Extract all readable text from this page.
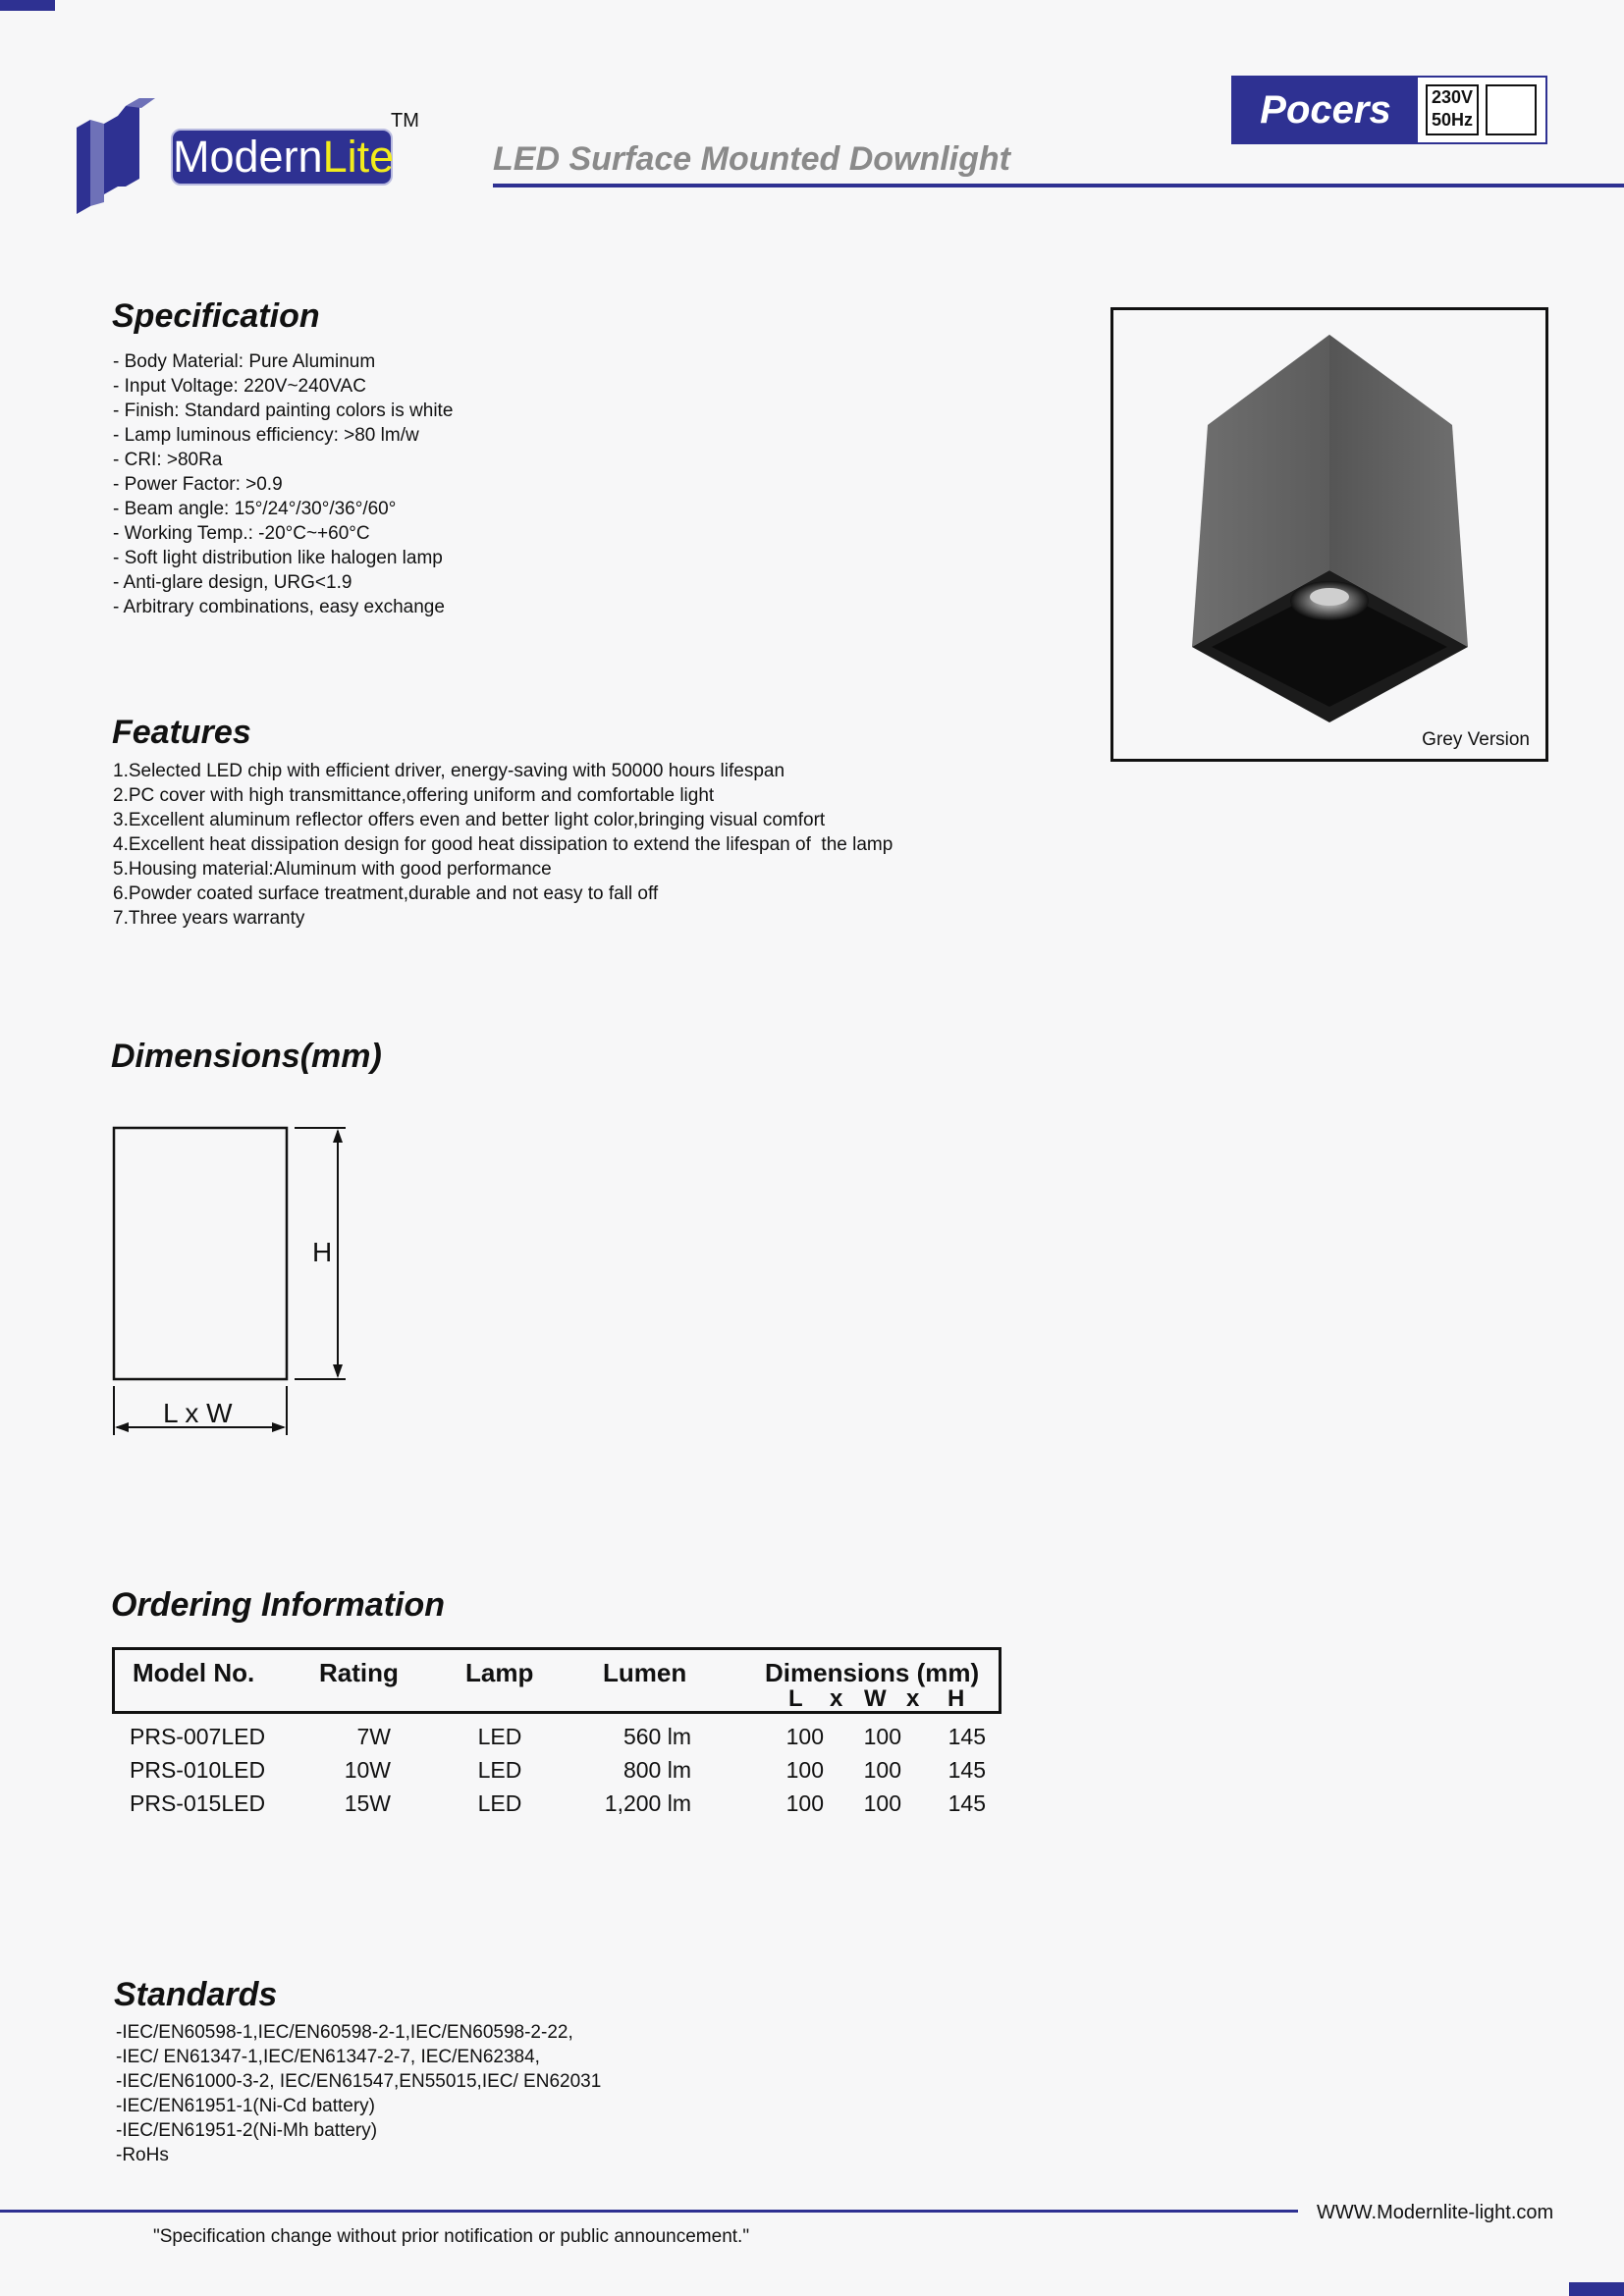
ModernLite
TM
LED Surface Mounted Downlight
Pocers	230V
50Hz
Specification
- Body Material: Pure Aluminum
- Input Voltage: 220V~240VAC
- Finish: Standard painting colors is white
- Lamp luminous efficiency: >80 lm/w
- CRI: >80Ra
- Power Factor: >0.9
- Beam angle: 15°/24°/30°/36°/60°
- Working Temp.: -20°C~+60°C
- Soft light distribution like halogen lamp
- Anti-glare design, URG<1.9
- Arbitrary combinations, easy exchange
Grey Version
Features
1.Selected LED chip with efficient driver, energy-saving with 50000 hours lifespan
2.PC cover with high transmittance,offering uniform and comfortable light
3.Excellent aluminum reflector offers even and better light color,bringing visual comfort
4.Excellent heat dissipation design for good heat dissipation to extend the lifespan of  the lamp
5.Housing material:Aluminum with good performance
6.Powder coated surface treatment,durable and not easy to fall off
7.Three years warranty
Dimensions(mm)
H
L x W
Ordering Information
Model No.	Rating	Lamp	Lumen	Dimensions (mm)
L x W x H
PRS-007LED	7W	LED	560 lm	100	100	145
PRS-010LED	10W	LED	800 lm	100	100	145
PRS-015LED	15W	LED	1,200 lm	100	100	145
Standards
-IEC/EN60598-1,IEC/EN60598-2-1,IEC/EN60598-2-22,
-IEC/ EN61347-1,IEC/EN61347-2-7, IEC/EN62384,
-IEC/EN61000-3-2, IEC/EN61547,EN55015,IEC/ EN62031
-IEC/EN61951-1(Ni-Cd battery)
-IEC/EN61951-2(Ni-Mh battery)
-RoHs
WWW.Modernlite-light.com
"Specification change without prior notification or public announcement."
